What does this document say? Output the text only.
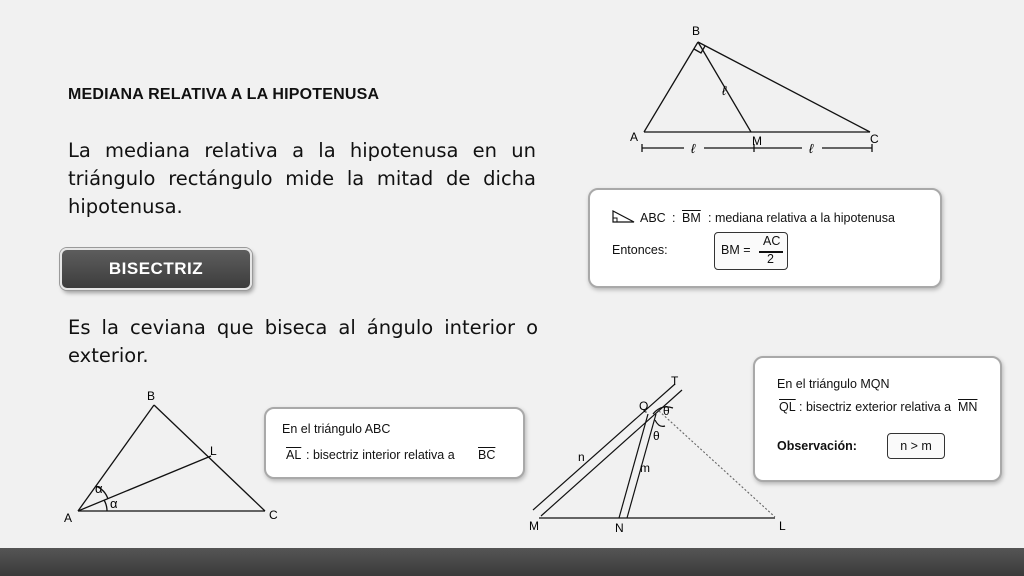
MEDIANA RELATIVA A LA HIPOTENUSA
La mediana relativa a la hipotenusa en un triángulo rectángulo mide la mitad de dicha hipotenusa.
BISECTRIZ
Es la ceviana que biseca al ángulo interior o exterior.
B
A	M	C
ℓ
ℓ	ℓ
ABC : $\overline{BM}$ : mediana relativa a la hipotenusa
Entonces:	BM =
AC
2
B
L
A	C
α
α
En el triángulo ABC
$\overline{AL}$ : bisectriz interior relativa a $\overline{BC}$
T
Q θ
θ
n
m
M	N	L
En el triángulo MQN
$\overline{QL}$ : bisectriz exterior relativa a $\overline{MN}$
Observación:	n > m
